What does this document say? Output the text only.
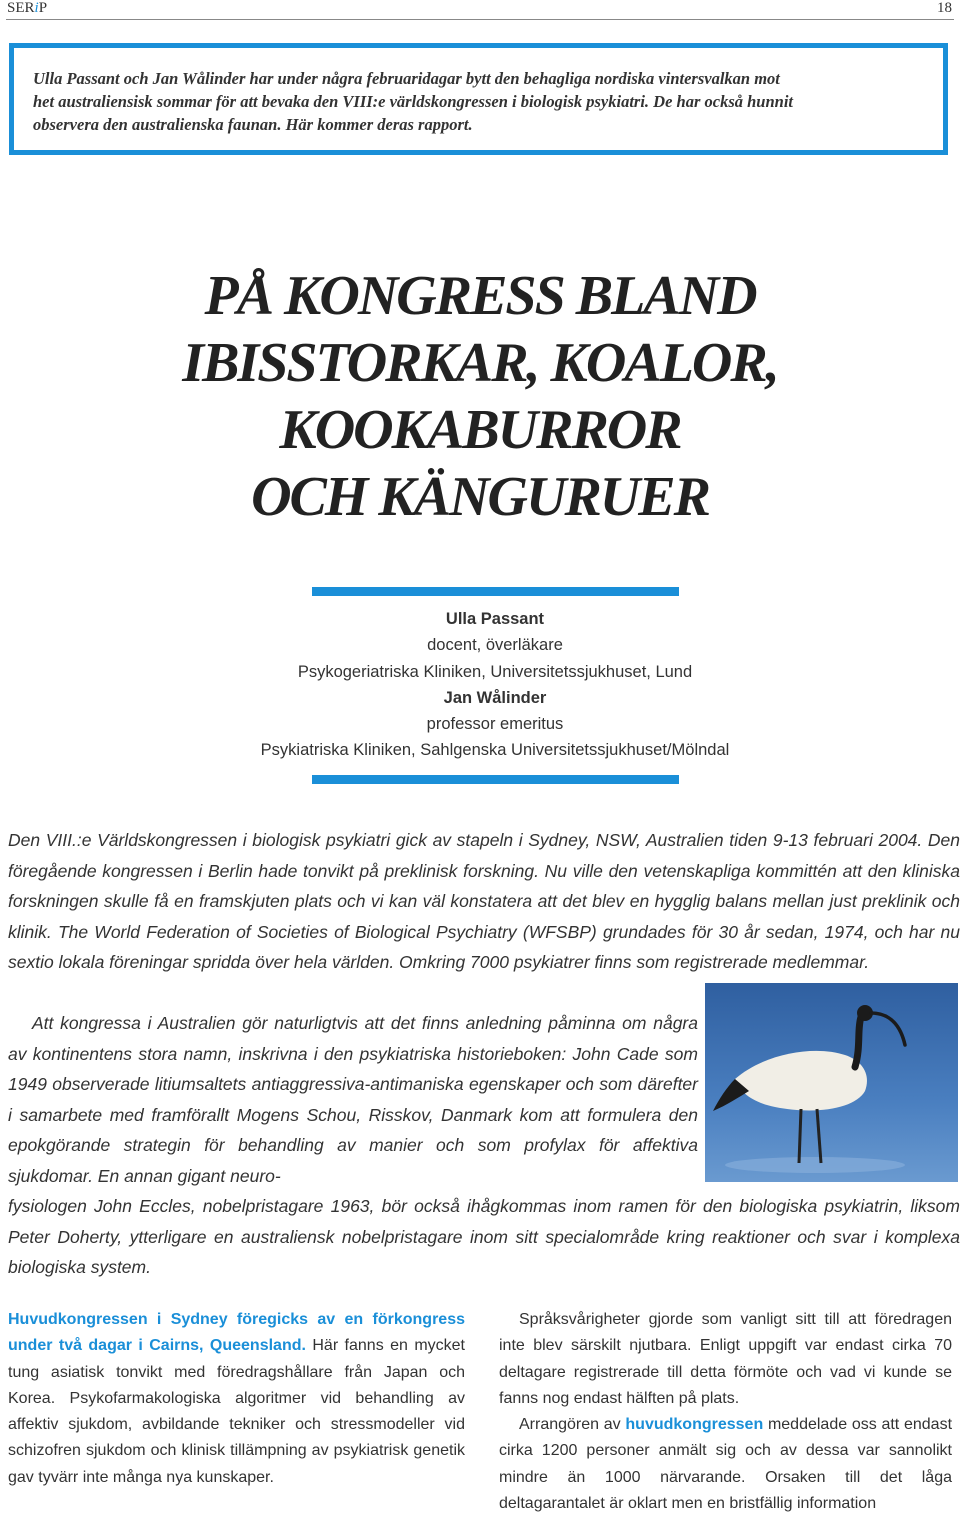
SERiP	18
Ulla Passant och Jan Wålinder har under några februaridagar bytt den behagliga nordiska vintersvalkan mot
het australiensisk sommar för att bevaka den VIII:e världskongressen i biologisk psykiatri. De har också hunnit
observera den australienska faunan. Här kommer deras rapport.
PÅ KONGRESS BLAND
IBISSTORKAR, KOALOR,
KOOKABURROR
OCH KÄNGURUER
Ulla Passant
docent, överläkare
Psykogeriatriska Kliniken, Universitetssjukhuset, Lund
Jan Wålinder
professor emeritus
Psykiatriska Kliniken, Sahlgenska Universitetssjukhuset/Mölndal
Den VIII.:e Världskongressen i biologisk psykiatri gick av stapeln i Sydney, NSW, Australien tiden 9-13 februari 2004. Den föregående kongressen i Berlin hade tonvikt på preklinisk forskning. Nu ville den vetenskapliga kommittén att den kliniska forskningen skulle få en framskjuten plats och vi kan väl konstatera att det blev en hygglig balans mellan just preklinik och klinik. The World Federation of Societies of Biological Psychiatry (WFSBP) grundades för 30 år sedan, 1974, och har nu sextio lokala föreningar spridda över hela världen. Omkring 7000 psykiatrer finns som registrerade medlemmar.
Att kongressa i Australien gör naturligtvis att det finns anledning påminna om några av kontinentens stora namn, inskrivna i den psykiatriska historieboken: John Cade som 1949 observerade litiumsaltets antiaggressiva-antimaniska egenskaper och som därefter i samarbete med framförallt Mogens Schou, Risskov, Danmark kom att formulera den epokgörande strategin för behandling av manier och som profylax för affektiva sjukdomar. En annan gigant neuro-
fysiologen John Eccles, nobelpristagare 1963, bör också ihågkommas inom ramen för den biologiska psykiatrin, liksom Peter Doherty, ytterligare en australiensk nobelpristagare inom sitt specialområde kring reaktioner och svar i komplexa biologiska system.
Huvudkongressen i Sydney föregicks av en förkongress under två dagar i Cairns, Queensland. Här fanns en mycket tung asiatisk tonvikt med föredragshållare från Japan och Korea. Psykofarmakologiska algoritmer vid behandling av affektiv sjukdom, avbildande tekniker och stressmodeller vid schizofren sjukdom och klinisk tillämpning av psykiatrisk genetik gav tyvärr inte många nya kunskaper.
Språksvårigheter gjorde som vanligt sitt till att föredragen inte blev särskilt njutbara. Enligt uppgift var endast cirka 70 deltagare registrerade till detta förmöte och vad vi kunde se fanns nog endast hälften på plats.
Arrangören av huvudkongressen meddelade oss att endast cirka 1200 personer anmält sig och av dessa var sannolikt mindre än 1000 närvarande. Orsaken till det låga deltagarantalet är oklart men en bristfällig information
